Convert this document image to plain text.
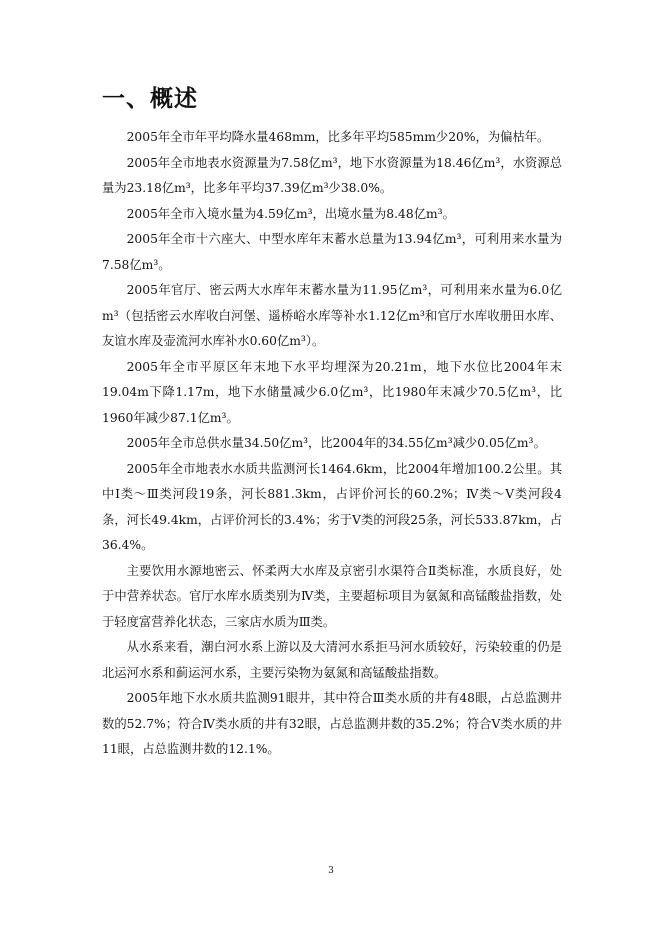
一、概述

2005年全市年平均降水量468mm，比多年平均585mm少20%，为偏枯年。

2005年全市地表水资源量为7.58亿m³，地下水资源量为18.46亿m³，水资源总量为23.18亿m³，比多年平均37.39亿m³少38.0%。

2005年全市入境水量为4.59亿m³，出境水量为8.48亿m³。

2005年全市十六座大、中型水库年末蓄水总量为13.94亿m³，可利用来水量为7.58亿m³。

2005年官厅、密云两大水库年末蓄水量为11.95亿m³，可利用来水量为6.0亿m³（包括密云水库收白河堡、遥桥峪水库等补水1.12亿m³和官厅水库收册田水库、友谊水库及壶流河水库补水0.60亿m³）。

2005年全市平原区年末地下水平均埋深为20.21m，地下水位比2004年末19.04m下降1.17m，地下水储量减少6.0亿m³，比1980年末减少70.5亿m³，比1960年减少87.1亿m³。

2005年全市总供水量34.50亿m³，比2004年的34.55亿m³减少0.05亿m³。

2005年全市地表水水质共监测河长1464.6km，比2004年增加100.2公里。其中Ⅰ类～Ⅲ类河段19条，河长881.3km，占评价河长的60.2%；Ⅳ类～Ⅴ类河段4条，河长49.4km，占评价河长的3.4%；劣于Ⅴ类的河段25条，河长533.87km，占36.4%。

主要饮用水源地密云、怀柔两大水库及京密引水渠符合Ⅱ类标准，水质良好，处于中营养状态。官厅水库水质类别为Ⅳ类，主要超标项目为氨氮和高锰酸盐指数，处于轻度富营养化状态，三家店水质为Ⅲ类。

从水系来看，潮白河水系上游以及大清河水系拒马河水质较好，污染较重的仍是北运河水系和蓟运河水系，主要污染物为氨氮和高锰酸盐指数。

2005年地下水水质共监测91眼井，其中符合Ⅲ类水质的井有48眼，占总监测井数的52.7%；符合Ⅳ类水质的井有32眼，占总监测井数的35.2%；符合Ⅴ类水质的井11眼，占总监测井数的12.1%。

3
